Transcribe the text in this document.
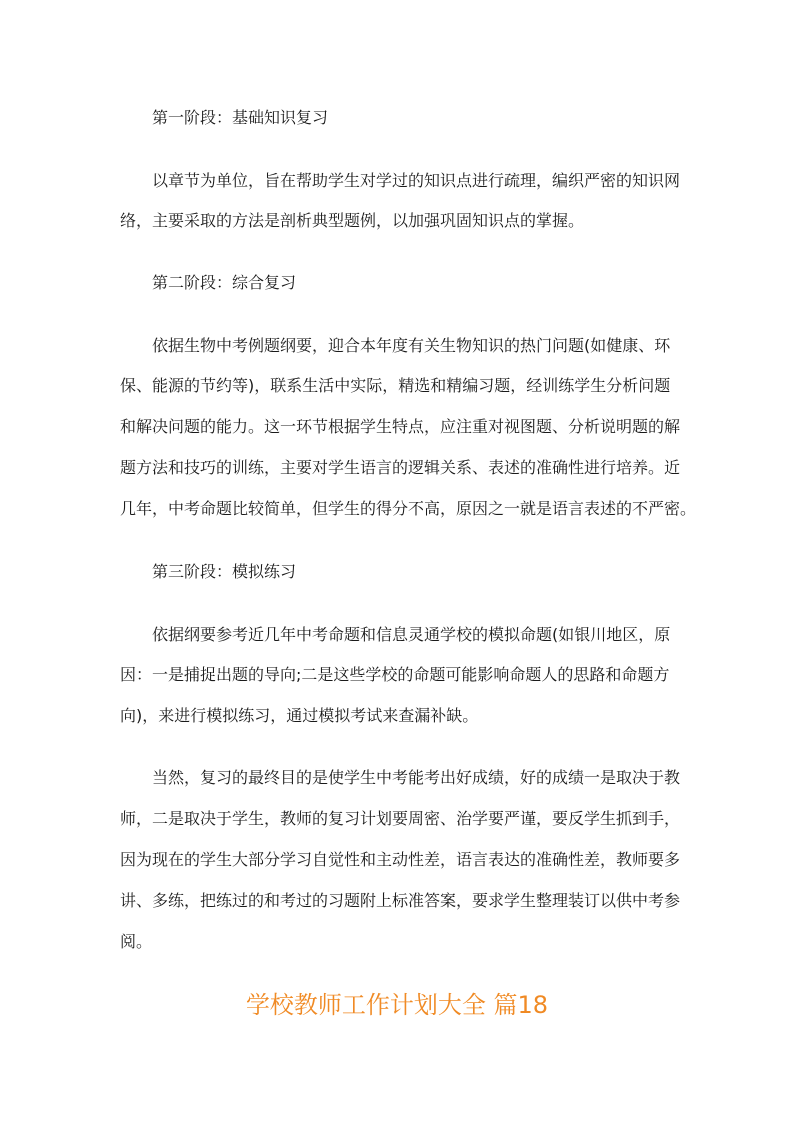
第一阶段：基础知识复习
以章节为单位，旨在帮助学生对学过的知识点进行疏理，编织严密的知识网
络，主要采取的方法是剖析典型题例，以加强巩固知识点的掌握。
第二阶段：综合复习
依据生物中考例题纲要，迎合本年度有关生物知识的热门问题(如健康、环
保、能源的节约等)，联系生活中实际，精选和精编习题，经训练学生分析问题
和解决问题的能力。这一环节根据学生特点，应注重对视图题、分析说明题的解
题方法和技巧的训练，主要对学生语言的逻辑关系、表述的准确性进行培养。近
几年，中考命题比较简单，但学生的得分不高，原因之一就是语言表述的不严密。
第三阶段：模拟练习
依据纲要参考近几年中考命题和信息灵通学校的模拟命题(如银川地区，原
因：一是捕捉出题的导向;二是这些学校的命题可能影响命题人的思路和命题方
向)，来进行模拟练习，通过模拟考试来查漏补缺。
当然，复习的最终目的是使学生中考能考出好成绩，好的成绩一是取决于教
师，二是取决于学生，教师的复习计划要周密、治学要严谨，要反学生抓到手，
因为现在的学生大部分学习自觉性和主动性差，语言表达的准确性差，教师要多
讲、多练，把练过的和考过的习题附上标准答案，要求学生整理装订以供中考参
阅。
学校教师工作计划大全 篇18
